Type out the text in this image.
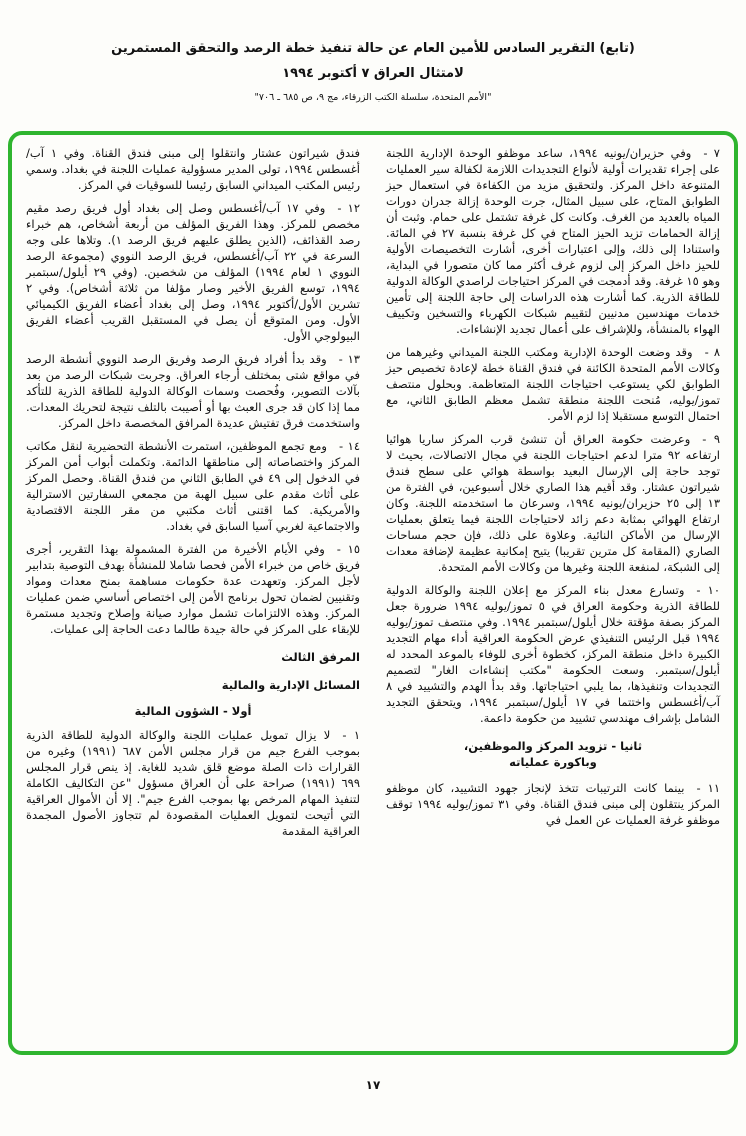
(تابع) التقرير السادس للأمين العام عن حالة تنفيذ خطة الرصد والتحقق المستمرين
لامتثال العراق ٧ أكتوبر ١٩٩٤
"الأمم المتحدة، سلسلة الكتب الزرقاء، مج ٩، ص ٦٨٥ ـ ٧٠٦"

٧ -وفي حزيران/يونيه ١٩٩٤، ساعد موظفو الوحدة الإدارية اللجنة على إجراء تقديرات أولية لأنواع التجديدات اللازمة لكفالة سير العمليات المتنوعة داخل المركز. ولتحقيق مزيد من الكفاءة في استعمال حيز الطوابق المتاح، على سبيل المثال، جرت الوحدة إزالة جدران دورات المياه بالعديد من الغرف. وكانت كل غرفة تشتمل على حمام. وثبت أن إزالة الحمامات تزيد الحيز المتاح في كل غرفة بنسبة ٢٧ في المائة. واستنادا إلى ذلك، وإلى اعتبارات أخرى، أشارت التخصيصات الأولية للحيز داخل المركز إلى لزوم غرف أكثر مما كان متصورا في البداية، وهو ١٥ غرفة. وقد أدمجت في المركز احتياجات لراصدي الوكالة الدولية للطاقة الذرية. كما أشارت هذه الدراسات إلى حاجة اللجنة إلى تأمين خدمات مهندسين مدنيين لتقييم شبكات الكهرباء والتسخين وتكييف الهواء بالمنشأة، وللإشراف على أعمال تجديد الإنشاءات.

٨ -وقد وضعت الوحدة الإدارية ومكتب اللجنة الميداني وغيرهما من وكالات الأمم المتحدة الكائنة في فندق القناة خطة لإعادة تخصيص حيز الطوابق لكي يستوعب احتياجات اللجنة المتعاظمة. وبحلول منتصف تموز/يوليه، مُنحت اللجنة منطقة تشمل معظم الطابق الثاني، مع احتمال التوسع مستقبلا إذا لزم الأمر.

٩ -وعرضت حكومة العراق أن تنشئ قرب المركز ساريا هوائيا ارتفاعه ٩٢ مترا لدعم احتياجات اللجنة في مجال الاتصالات، بحيث لا توجد حاجة إلى الإرسال البعيد بواسطة هوائي على سطح فندق شيراتون عشتار. وقد أقيم هذا الصاري خلال أسبوعين، في الفترة من ١٣ إلى ٢٥ حزيران/يونيه ١٩٩٤، وسرعان ما استخدمته اللجنة. وكان ارتفاع الهوائي بمثابة دعم زائد لاحتياجات اللجنة فيما يتعلق بعمليات الإرسال من الأماكن النائية. وعلاوة على ذلك، فإن حجم مساحات الصاري (المقامة كل مترين تقريبا) يتيح إمكانية عظيمة لإضافة معدات إلى الشبكة، لمنفعة اللجنة وغيرها من وكالات الأمم المتحدة.

١٠ -وتسارع معدل بناء المركز مع إعلان اللجنة والوكالة الدولية للطاقة الذرية وحكومة العراق في ٥ تموز/يوليه ١٩٩٤ ضرورة جعل المركز بصفة مؤقتة خلال أيلول/سبتمبر ١٩٩٤. وفي منتصف تموز/يوليه ١٩٩٤ قبل الرئيس التنفيذي عرض الحكومة العراقية أداء مهام التجديد الكبيرة داخل منطقة المركز، كخطوة أخرى للوفاء بالموعد المحدد له أيلول/سبتمبر. وسعت الحكومة "مكتب إنشاءات الغار" لتصميم التجديدات وتنفيذها، بما يلبي احتياجاتها. وقد بدأ الهدم والتشييد في ٨ آب/أغسطس واختتما في ١٧ أيلول/سبتمبر ١٩٩٤، ويتحقق التجديد الشامل بإشراف مهندسي تشييد من حكومة داعمة.

ثانيا - تزويد المركز والموظفين،
وباكورة عملياته

١١ -بينما كانت الترتيبات تتخذ لإنجاز جهود التشييد، كان موظفو المركز ينتقلون إلى مبنى فندق القناة. وفي ٣١ تموز/يوليه ١٩٩٤ توقف موظفو غرفة العمليات عن العمل في

فندق شيراتون عشتار وانتقلوا إلى مبنى فندق القناة. وفي ١ آب/أغسطس ١٩٩٤، تولى المدير مسؤولية عمليات اللجنة في بغداد. وسمي رئيس المكتب الميداني السابق رئيسا للسوقيات في المركز.

١٢ -وفي ١٧ آب/أغسطس وصل إلى بغداد أول فريق رصد مقيم مخصص للمركز. وهذا الفريق المؤلف من أربعة أشخاص، هم خبراء رصد القذائف، (الذين يطلق عليهم فريق الرصد ١). وتلاها على وجه السرعة في ٢٢ آب/أغسطس، فريق الرصد النووي (مجموعة الرصد النووي ١ لعام ١٩٩٤) المؤلف من شخصين. (وفي ٢٩ أيلول/سبتمبر ١٩٩٤، توسع الفريق الأخير وصار مؤلفا من ثلاثة أشخاص). وفي ٢ تشرين الأول/أكتوبر ١٩٩٤، وصل إلى بغداد أعضاء الفريق الكيميائي الأول. ومن المتوقع أن يصل في المستقبل القريب أعضاء الفريق البيولوجي الأول.

١٣ -وقد بدأ أفراد فريق الرصد وفريق الرصد النووي أنشطة الرصد في مواقع شتى بمختلف أرجاء العراق. وجربت شبكات الرصد من بعد بآلات التصوير، وفُحصت وسمات الوكالة الدولية للطاقة الذرية للتأكد مما إذا كان قد جرى العبث بها أو أصيبت بالتلف نتيجة لتحريك المعدات. واستخدمت فرق تفتيش عديدة المرافق المخصصة داخل المركز.

١٤ -ومع تجمع الموظفين، استمرت الأنشطة التحضيرية لنقل مكاتب المركز واختصاصاته إلى مناطقها الدائمة. وتكملت أبواب أمن المركز في الدخول إلى ٤٩ في الطابق الثاني من فندق القناة. وحصل المركز على أثاث مقدم على سبيل الهبة من مجمعي السفارتين الاسترالية والأمريكية. كما اقتنى أثاث مكتبي من مقر اللجنة الاقتصادية والاجتماعية لغربي آسيا السابق في بغداد.

١٥ -وفي الأيام الأخيرة من الفترة المشمولة بهذا التقرير، أجرى فريق خاص من خبراء الأمن فحصا شاملا للمنشأة بهدف التوصية بتدابير لأجل المركز. وتعهدت عدة حكومات مساهمة بمنح معدات ومواد وتقنيين لضمان تحول برنامج الأمن إلى اختصاص أساسي ضمن عمليات المركز. وهذه الالتزامات تشمل موارد صيانة وإصلاح وتجديد مستمرة للإبقاء على المركز في حالة جيدة طالما دعت الحاجة إلى عمليات.

المرفق الثالث
المسائل الإدارية والمالية
أولا - الشؤون المالية

١ -لا يزال تمويل عمليات اللجنة والوكالة الدولية للطاقة الذرية بموجب الفرع جيم من قرار مجلس الأمن ٦٨٧ (١٩٩١) وغيره من القرارات ذات الصلة موضع قلق شديد للغاية. إذ ينص قرار المجلس ٦٩٩ (١٩٩١) صراحة على أن العراق مسؤول "عن التكاليف الكاملة لتنفيذ المهام المرخص بها بموجب الفرع جيم". إلا أن الأموال العراقية التي أتيحت لتمويل العمليات المقصودة لم تتجاوز الأصول المجمدة العراقية المقدمة

١٧
